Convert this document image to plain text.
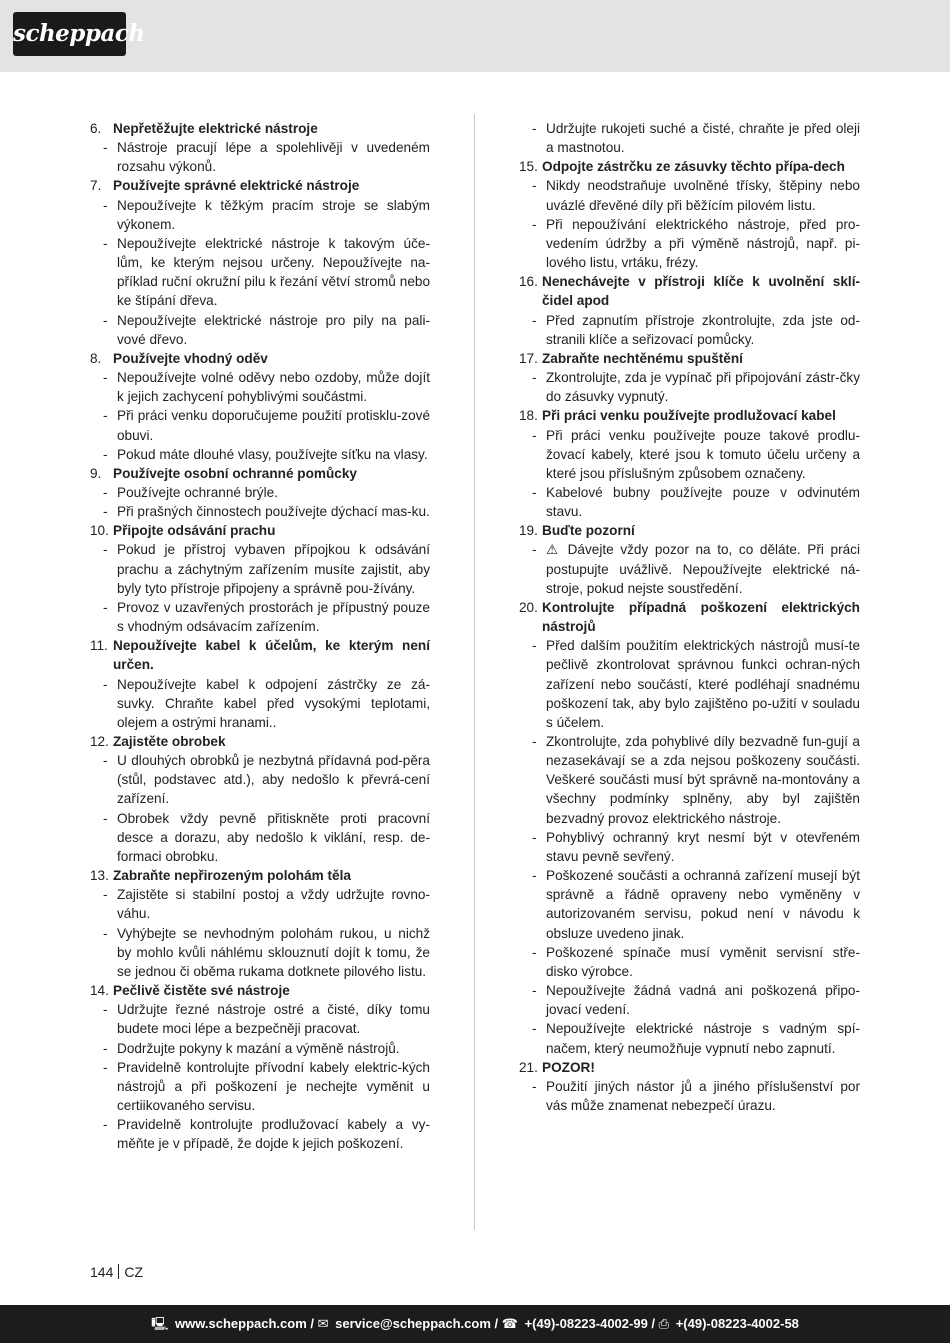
scheppach
6. Nepřetěžujte elektrické nástroje
- Nástroje pracují lépe a spolehlivěji v uvedeném rozsahu výkonů.
7. Používejte správné elektrické nástroje
- Nepoužívejte k těžkým pracím stroje se slabým výkonem.
- Nepoužívejte elektrické nástroje k takovým úče-lům, ke kterým nejsou určeny. Nepoužívejte na-příklad ruční okružní pilu k řezání větví stromů nebo ke štípání dřeva.
- Nepoužívejte elektrické nástroje pro pily na pali-vové dřevo.
8. Používejte vhodný oděv
- Nepoužívejte volné oděvy nebo ozdoby, může dojít k jejich zachycení pohyblivými součástmi.
- Při práci venku doporučujeme použití protisklu-zové obuvi.
- Pokud máte dlouhé vlasy, používejte síťku na vlasy.
9. Používejte osobní ochranné pomůcky
- Používejte ochranné brýle.
- Při prašných činnostech používejte dýchací mas-ku.
10. Připojte odsávání prachu
- Pokud je přístroj vybaven přípojkou k odsávání prachu a záchytným zařízením musíte zajistit, aby byly tyto přístroje připojeny a správně pou-žívány.
- Provoz v uzavřených prostorách je přípustný pouze s vhodným odsávacím zařízením.
11. Nepoužívejte kabel k účelům, ke kterým není určen.
- Nepoužívejte kabel k odpojení zástrčky ze zá-suvky. Chraňte kabel před vysokými teplotami, olejem a ostrými hranami..
12. Zajistěte obrobek
- U dlouhých obrobků je nezbytná přídavná pod-pěra (stůl, podstavec atd.), aby nedošlo k převrá-cení zařízení.
- Obrobek vždy pevně přitiskněte proti pracovní desce a dorazu, aby nedošlo k viklání, resp. de-formaci obrobku.
13. Zabraňte nepřirozeným polohám těla
- Zajistěte si stabilní postoj a vždy udržujte rovno-váhu.
- Vyhýbejte se nevhodným polohám rukou, u nichž by mohlo kvůli náhlému sklouznutí dojít k tomu, že se jednou či oběma rukama dotknete pilového listu.
14. Pečlivě čistěte své nástroje
- Udržujte řezné nástroje ostré a čisté, díky tomu budete moci lépe a bezpečněji pracovat.
- Dodržujte pokyny k mazání a výměně nástrojů.
- Pravidelně kontrolujte přívodní kabely elektric-kých nástrojů a při poškození je nechejte vyměnit u certiikovaného servisu.
- Pravidelně kontrolujte prodlužovací kabely a vy-měňte je v případě, že dojde k jejich poškození.
- Udržujte rukojeti suché a čisté, chraňte je před oleji a mastnotou.
15. Odpojte zástrčku ze zásuvky těchto přípa-dech
- Nikdy neodstraňuje uvolněné třísky, štěpiny nebo uvázlé dřevěné díly při běžícím pilovém listu.
- Při nepoužívání elektrického nástroje, před pro-vedením údržby a při výměně nástrojů, např. pi-lového listu, vrtáku, frézy.
16. Nenechávejte v přístroji klíče k uvolnění sklí-čidel apod
- Před zapnutím přístroje zkontrolujte, zda jste od-stranili klíče a seřizovací pomůcky.
17. Zabraňte nechtěnému spuštění
- Zkontrolujte, zda je vypínač při připojování zástr-čky do zásuvky vypnutý.
18. Při práci venku používejte prodlužovací kabel
- Při práci venku používejte pouze takové prodlu-žovací kabely, které jsou k tomuto účelu určeny a které jsou příslušným způsobem označeny.
- Kabelové bubny používejte pouze v odvinutém stavu.
19. Buďte pozorní
- ⚠ Dávejte vždy pozor na to, co děláte. Při práci postupujte uvážlivě. Nepoužívejte elektrické ná-stroje, pokud nejste soustředění.
20. Kontrolujte případná poškození elektrických nástrojů
- Před dalším použitím elektrických nástrojů musí-te pečlivě zkontrolovat správnou funkci ochran-ných zařízení nebo součástí, které podléhají snadnému poškození tak, aby bylo zajištěno po-užití v souladu s účelem.
- Zkontrolujte, zda pohyblivé díly bezvadně fun-gují a nezasekávají se a zda nejsou poškozeny součásti. Veškeré součásti musí být správně na-montovány a všechny podmínky splněny, aby byl zajištěn bezvadný provoz elektrického nástroje.
- Pohyblivý ochranný kryt nesmí být v otevřeném stavu pevně sevřený.
- Poškozené součásti a ochranná zařízení musejí být správně a řádně opraveny nebo vyměněny v autorizovaném servisu, pokud není v návodu k obsluze uvedeno jinak.
- Poškozené spínače musí vyměnit servisní stře-disko výrobce.
- Nepoužívejte žádná vadná ani poškozená připo-jovací vedení.
- Nepoužívejte elektrické nástroje s vadným spí-načem, který neumožňuje vypnutí nebo zapnutí.
21. POZOR!
- Použití jiných nástor jů a jiného příslušenství por vás může znamenat nebezpečí úrazu.
144 CZ
🖳 www.scheppach.com / ✉ service@scheppach.com / ☎ +(49)-08223-4002-99 / ⎙ +(49)-08223-4002-58
